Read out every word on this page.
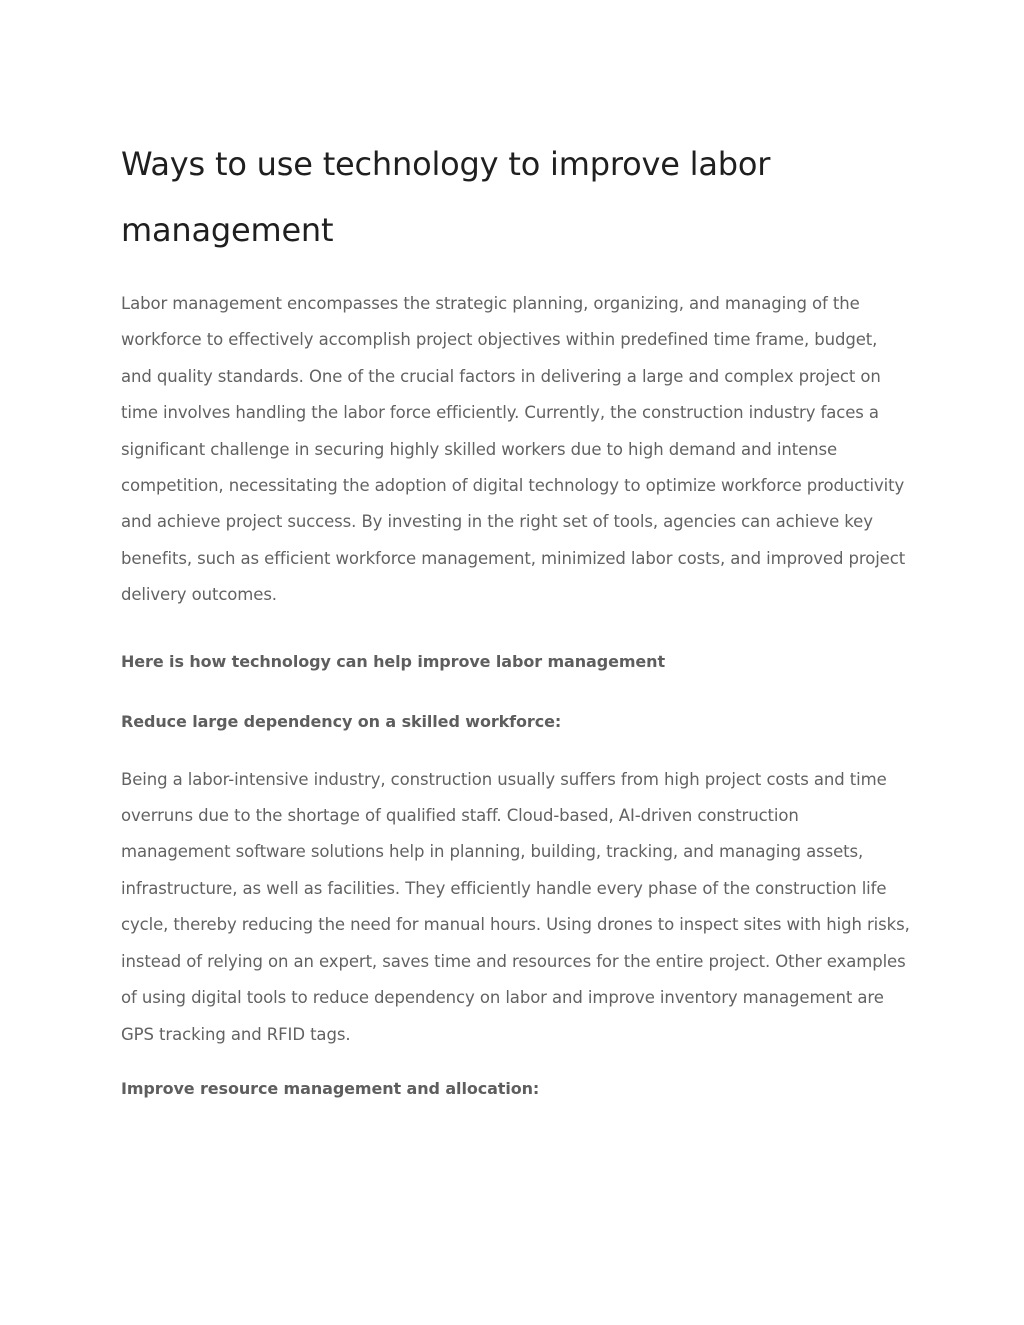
Ways to use technology to improve labor management

Labor management encompasses the strategic planning, organizing, and managing of the workforce to effectively accomplish project objectives within predefined time frame, budget, and quality standards. One of the crucial factors in delivering a large and complex project on time involves handling the labor force efficiently. Currently, the construction industry faces a significant challenge in securing highly skilled workers due to high demand and intense competition, necessitating the adoption of digital technology to optimize workforce productivity and achieve project success. By investing in the right set of tools, agencies can achieve key benefits, such as efficient workforce management, minimized labor costs, and improved project delivery outcomes.

Here is how technology can help improve labor management

Reduce large dependency on a skilled workforce:

Being a labor-intensive industry, construction usually suffers from high project costs and time overruns due to the shortage of qualified staff. Cloud-based, AI-driven construction management software solutions help in planning, building, tracking, and managing assets, infrastructure, as well as facilities. They efficiently handle every phase of the construction life cycle, thereby reducing the need for manual hours. Using drones to inspect sites with high risks, instead of relying on an expert, saves time and resources for the entire project. Other examples of using digital tools to reduce dependency on labor and improve inventory management are GPS tracking and RFID tags.

Improve resource management and allocation:
